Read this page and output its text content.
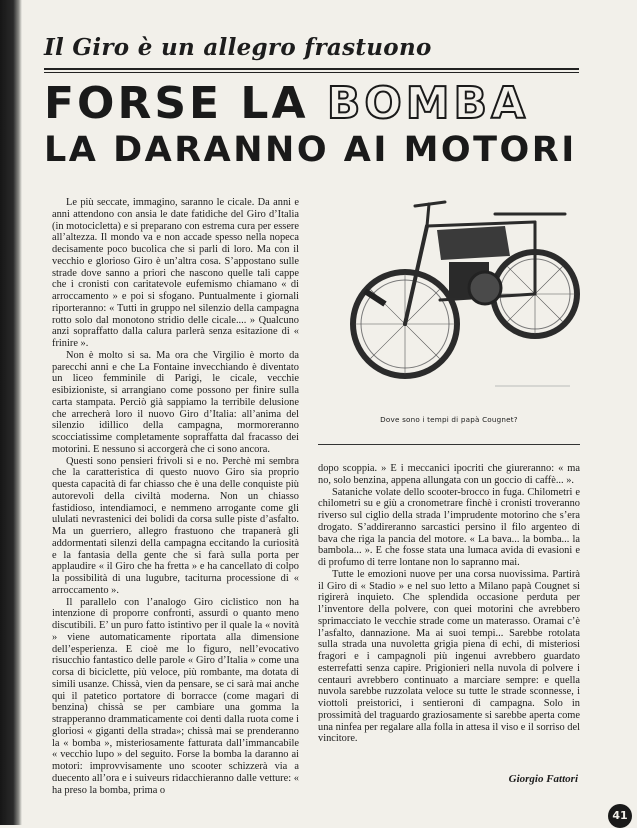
Il Giro è un allegro frastuono
FORSE LA BOMBA
LA DARANNO AI MOTORI

Le più seccate, immagino, saranno le cicale. Da anni e anni attendono con ansia le date fatidiche del Giro d’Italia (in motocicletta) e si preparano con estrema cura per essere all’altezza. Il mondo va e non accade spesso nella nopeca decisamente poco bucolica che si parli di loro. Ma con il vecchio e glorioso Giro è un’altra cosa. S’appostano sulle strade dove sanno a priori che nascono quelle tali cappe che i cronisti con caritatevole eufemismo chiamano « di arroccamento » e poi si sfogano. Puntualmente i giornali riporteranno: « Tutti in gruppo nel silenzio della campagna rotto solo dal monotono stridio delle cicale.... » Qualcuno anzi sopraffatto dalla calura parlerà senza esitazione di « frinire ».

Non è molto si sa. Ma ora che Virgilio è morto da parecchi anni e che La Fontaine invecchiando è diventato un liceo femminile di Parigi, le cicale, vecchie esibizioniste, si arrangiano come possono per finire sulla carta stampata. Perciò già sappiamo la terribile delusione che arrecherà loro il nuovo Giro d’Italia: all’anima del silenzio idillico della campagna, mormoreranno scocciatissime completamente sopraffatta dal fracasso dei motorini. E nessuno si accorgerà che ci sono ancora.

Questi sono pensieri frivoli si e no. Perchè mi sembra che la caratteristica di questo nuovo Giro sia proprio questa capacità di far chiasso che è una delle conquiste più autorevoli della civiltà moderna. Non un chiasso fastidioso, intendiamoci, e nemmeno arrogante come gli ululati nevrastenici dei bolidi da corsa sulle piste d’asfalto. Ma un guerriero, allegro frastuono che trapanerà gli addormentati silenzi della campagna eccitando la curiosità e la fantasia della gente che si farà sulla porta per applaudire « il Giro che ha fretta » e ha cancellato di colpo la possibilità di una lugubre, taciturna processione di « arroccamento ».

Il parallelo con l’analogo Giro ciclistico non ha intenzione di proporre confronti, assurdi o quanto meno discutibili. E’ un puro fatto istintivo per il quale la « novità » viene automaticamente riportata alla dimensione dell’esperienza. E cioè me lo figuro, nell’evocativo risucchio fantastico delle parole « Giro d’Italia » come una corsa di biciclette, più veloce, più rombante, ma dotata di simili usanze. Chissà, vien da pensare, se ci sarà mai anche qui il patetico portatore di borracce (come magari di benzina) chissà se per cambiare una gomma la strapperanno drammaticamente coi denti dalla ruota come i gloriosi « giganti della strada»; chissà mai se prenderanno la « bomba », misteriosamente fatturata dall’immancabile « vecchio lupo » del seguito. Forse la bomba la daranno ai motori: improvvisamente uno scooter schizzerà via a duecento all’ora e i suiveurs ridacchieranno dalle vetture: « ha preso la bomba, prima o

Dove sono i tempi di papà Cougnet?

dopo scoppia. » E i meccanici ipocriti che giureranno: « ma no, solo benzina, appena allungata con un goccio di caffè... ».

Sataniche volate dello scooter-brocco in fuga. Chilometri e chilometri su e giù a cronometrare finchè i cronisti troveranno riverso sul ciglio della strada l’imprudente motorino che s’era drogato. S’addireranno sarcastici persino il filo argenteo di bava che riga la pancia del motore. « La bava... la bomba... la bambola... ». E che fosse stata una lumaca avida di evasioni e di profumo di terre lontane non lo sapranno mai.

Tutte le emozioni nuove per una corsa nuovissima. Partirà il Giro di « Stadio » e nel suo letto a Milano papà Cougnet si rigirerà inquieto. Che splendida occasione perduta per l’inventore della polvere, con quei motorini che avrebbero sprimacciato le vecchie strade come un materasso. Oramai c’è l’asfalto, dannazione. Ma ai suoi tempi... Sarebbe rotolata sulla strada una nuvoletta grigia piena di echi, di misteriosi fragori e i campagnoli più ingenui avrebbero guardato esterrefatti senza capire. Prigionieri nella nuvola di polvere i centauri avrebbero continuato a marciare sempre: e quella nuvola sarebbe ruzzolata veloce su tutte le strade sconnesse, i viottoli preistorici, i sentieroni di campagna. Solo in prossimità del traguardo graziosamente si sarebbe aperta come una ninfea per regalare alla folla in attesa il viso e il sorriso del vincitore.

Giorgio Fattori
41
